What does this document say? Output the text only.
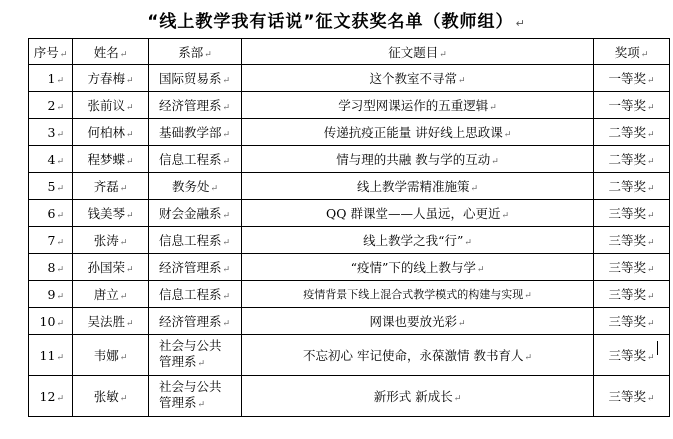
“线上教学我有话说”征文获奖名单（教师组） ↵
序号↵	姓名↵	系部↵	征文题目↵	奖项↵
1↵	方春梅↵	国际贸易系↵	这个教室不寻常↵	一等奖↵
2↵	张前议↵	经济管理系↵	学习型网课运作的五重逻辑↵	一等奖↵
3↵	何柏林↵	基础教学部↵	传递抗疫正能量 讲好线上思政课↵	二等奖↵
4↵	程梦蝶↵	信息工程系↵	情与理的共融 教与学的互动↵	二等奖↵
5↵	齐磊↵	教务处↵	线上教学需精准施策↵	二等奖↵
6↵	钱美琴↵	财会金融系↵	QQ 群课堂——人虽远，心更近↵	三等奖↵
7↵	张涛↵	信息工程系↵	线上教学之我“行”↵	三等奖↵
8↵	孙国荣↵	经济管理系↵	“疫情”下的线上教与学↵	三等奖↵
9↵	唐立↵	信息工程系↵	疫情背景下线上混合式教学模式的构建与实现↵	三等奖↵
10↵	吴法胜↵	经济管理系↵	网课也要放光彩↵	三等奖↵
11↵	韦娜↵	社会与公共
管理系↵	不忘初心 牢记使命，永葆激情 教书育人↵	三等奖↵
12↵	张敏↵	社会与公共
管理系↵	新形式 新成长↵	三等奖↵
